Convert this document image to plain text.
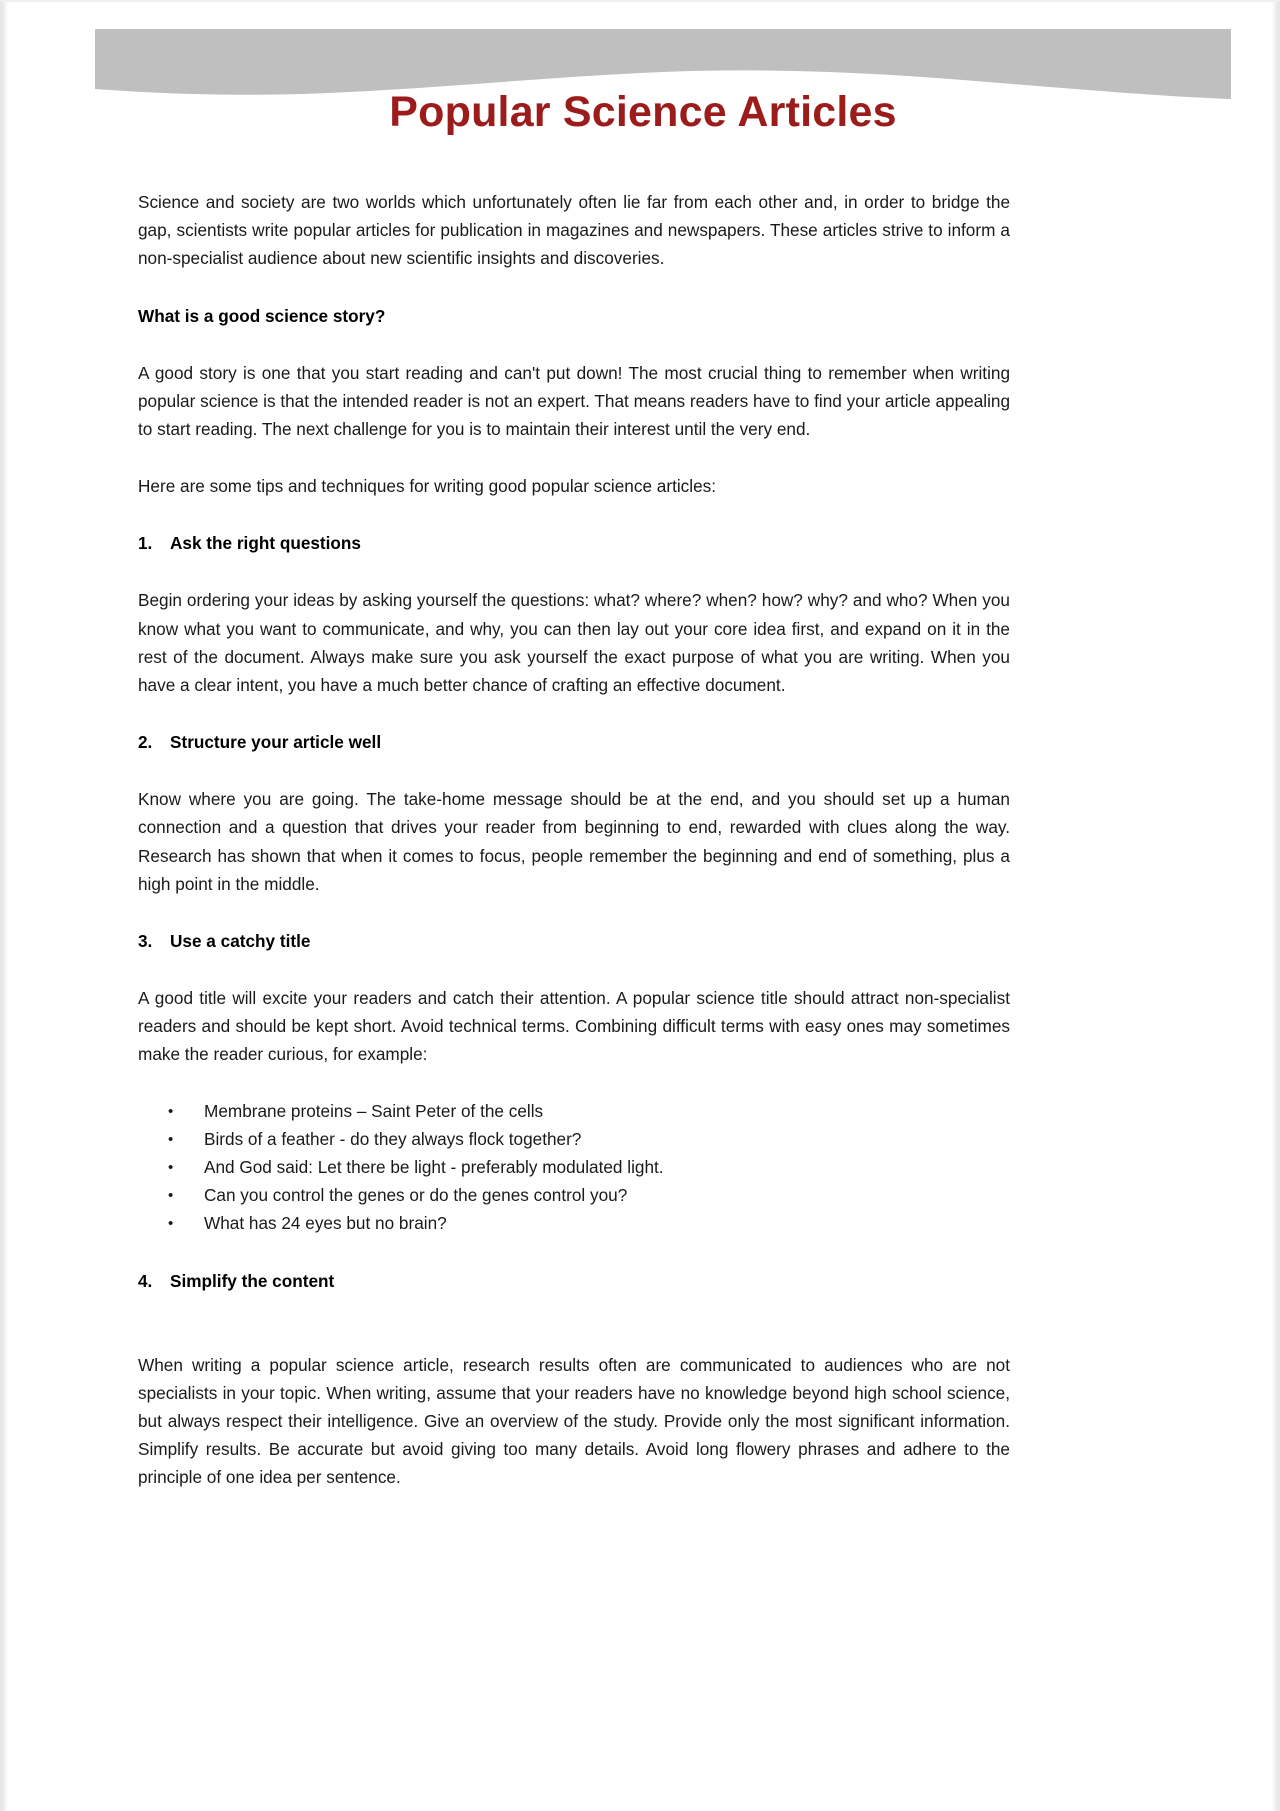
Popular Science Articles

Science and society are two worlds which unfortunately often lie far from each other and, in order to bridge the gap, scientists write popular articles for publication in magazines and newspapers. These articles strive to inform a non-specialist audience about new scientific insights and discoveries.

What is a good science story?

A good story is one that you start reading and can't put down! The most crucial thing to remember when writing popular science is that the intended reader is not an expert. That means readers have to find your article appealing to start reading. The next challenge for you is to maintain their interest until the very end.

Here are some tips and techniques for writing good popular science articles:

1.	Ask the right questions

Begin ordering your ideas by asking yourself the questions: what? where? when? how? why? and who? When you know what you want to communicate, and why, you can then lay out your core idea first, and expand on it in the rest of the document. Always make sure you ask yourself the exact purpose of what you are writing. When you have a clear intent, you have a much better chance of crafting an effective document.

2.	Structure your article well

Know where you are going. The take-home message should be at the end, and you should set up a human connection and a question that drives your reader from beginning to end, rewarded with clues along the way. Research has shown that when it comes to focus, people remember the beginning and end of something, plus a high point in the middle.

3.	Use a catchy title

A good title will excite your readers and catch their attention. A popular science title should attract non-specialist readers and should be kept short. Avoid technical terms. Combining difficult terms with easy ones may sometimes make the reader curious, for example:

• Membrane proteins – Saint Peter of the cells
• Birds of a feather - do they always flock together?
• And God said: Let there be light - preferably modulated light.
• Can you control the genes or do the genes control you?
• What has 24 eyes but no brain?
4.	Simplify the content

When writing a popular science article, research results often are communicated to audiences who are not specialists in your topic. When writing, assume that your readers have no knowledge beyond high school science, but always respect their intelligence. Give an overview of the study. Provide only the most significant information. Simplify results. Be accurate but avoid giving too many details. Avoid long flowery phrases and adhere to the principle of one idea per sentence.
